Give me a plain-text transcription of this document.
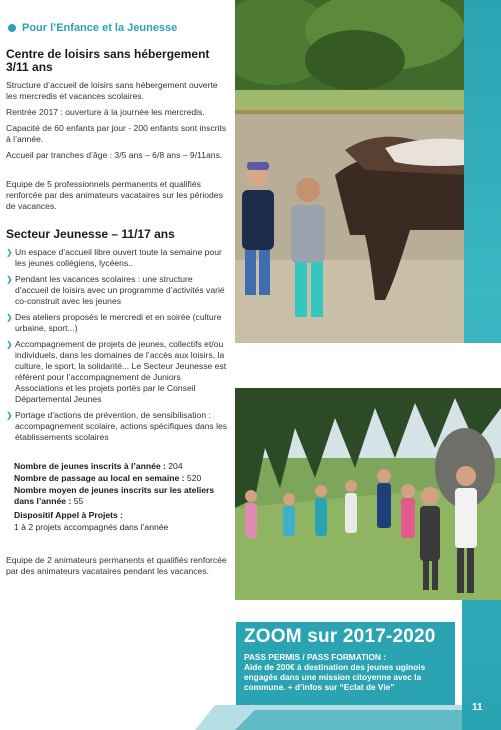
Pour l’Enfance et la Jeunesse
Centre de loisirs sans hébergement
3/11 ans

Structure d’accueil de loisirs sans hébergement ouverte les mercredis et vacances scolaires.

Rentrée 2017 : ouverture à la journée les mercredis.

Capacité de 60 enfants par jour - 200 enfants sont inscrits à l’année.

Accueil par tranches d’âge : 3/5 ans – 6/8 ans – 9/11ans.

Equipe de 5 professionnels permanents et qualifiés renforcée par des animateurs vacataires sur les périodes de vacances.

Secteur Jeunesse – 11/17 ans
❯ Un espace d’accueil libre ouvert toute la semaine pour les jeunes collégiens, lycéens..
❯ Pendant les vacances scolaires : une structure d’accueil de loisirs avec un programme d’activités varié co-construit avec les jeunes
❯ Des ateliers proposés le mercredi et en soirée (culture urbaine, sport...)
❯ Accompagnement de projets de jeunes, collectifs et/ou individuels, dans les domaines de l’accès aux loisirs, la culture, le sport, la solidarité... Le Secteur Jeunesse est référent pour l’accompagnement de Juniors Associations et les projets portés par le Conseil Départemental Jeunes
❯ Portage d’actions de prévention, de sensibilisation : accompagnement scolaire, actions spécifiques dans les établissements scolaires
Nombre de jeunes inscrits à l’année : 204
Nombre de passage au local en semaine : 520
Nombre moyen de jeunes inscrits sur les ateliers dans l’année : 55
Dispositif Appel à Projets :
1 à 2 projets accompagnés dans l’année

Equipe de 2 animateurs permanents et qualifiés renforcée par des animateurs vacataires pendant les vacances.

ZOOM sur 2017-2020
PASS PERMIS / PASS FORMATION :
Aide de 200€ à destination des jeunes uginois engagés dans une mission citoyenne avec la commune. + d’infos sur “Eclat de Vie”
11
